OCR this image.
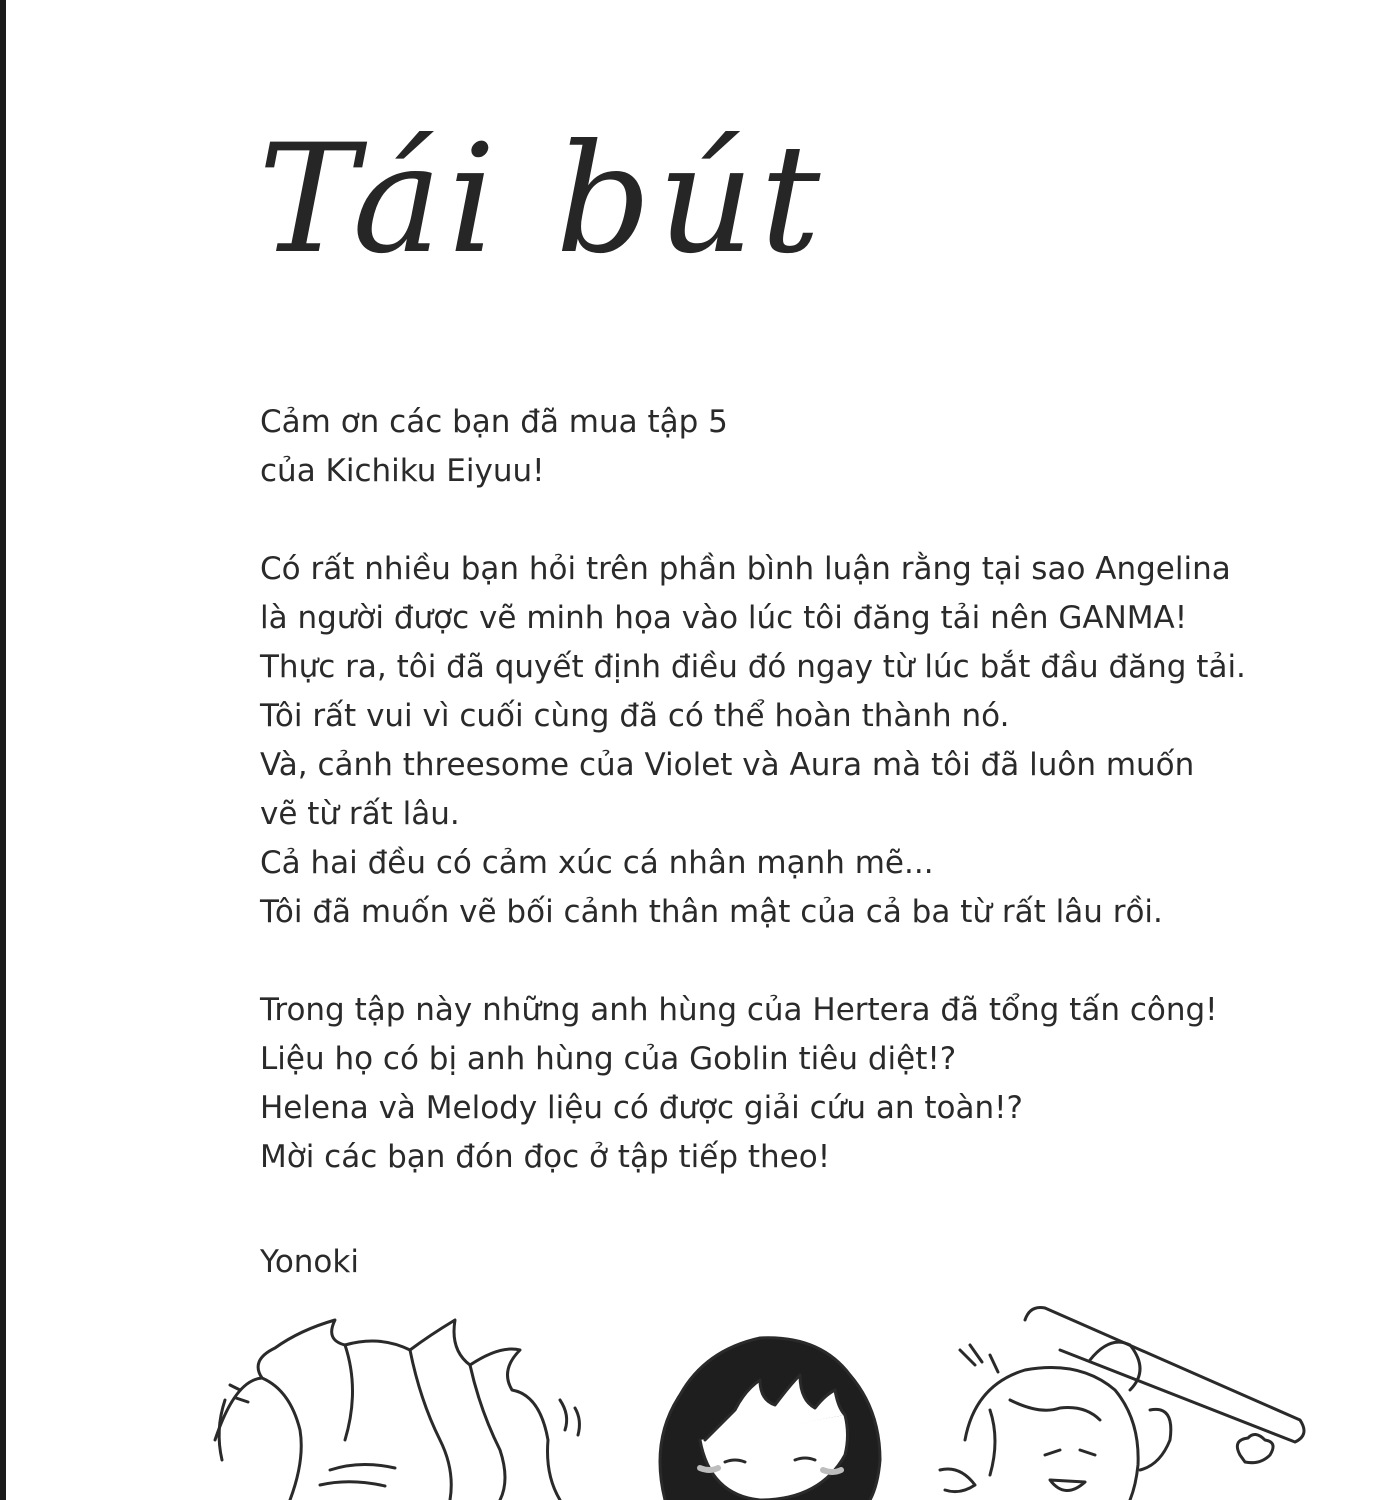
Tái bút
Cảm ơn các bạn đã mua tập 5
của Kichiku Eiyuu!
Có rất nhiều bạn hỏi trên phần bình luận rằng tại sao Angelina
là người được vẽ minh họa vào lúc tôi đăng tải nên GANMA!
Thực ra, tôi đã quyết định điều đó ngay từ lúc bắt đầu đăng tải.
Tôi rất vui vì cuối cùng đã có thể hoàn thành nó.
Và, cảnh threesome của Violet và Aura mà tôi đã luôn muốn
vẽ từ rất lâu.
Cả hai đều có cảm xúc cá nhân mạnh mẽ...
Tôi đã muốn vẽ bối cảnh thân mật của cả ba từ rất lâu rồi.
Trong tập này những anh hùng của Hertera đã tổng tấn công!
Liệu họ có bị anh hùng của Goblin tiêu diệt!?
Helena và Melody liệu có được giải cứu an toàn!?
Mời các bạn đón đọc ở tập tiếp theo!
Yonoki
